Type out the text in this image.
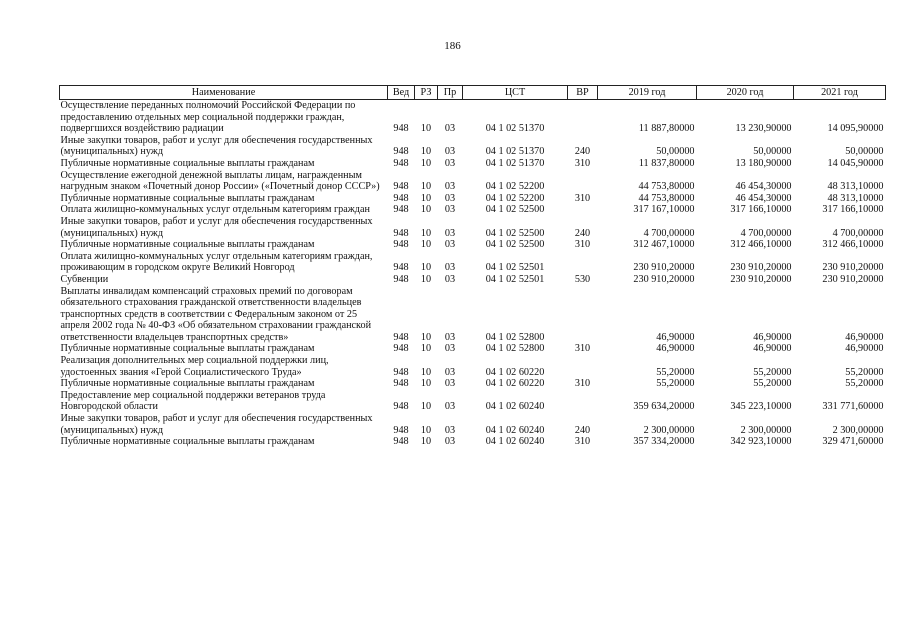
186
Наименование	Вед	РЗ	Пр	ЦСТ	ВР	2019 год	2020 год	2021 год
Осуществление переданных полномочий Российской Федерации по предоставлению отдельных мер социальной поддержки граждан, подвергшихся воздействию радиации	948	10	03	04 1 02 51370		11 887,80000	13 230,90000	14 095,90000
Иные закупки товаров, работ и услуг для обеспечения государственных (муниципальных) нужд	948	10	03	04 1 02 51370	240	50,00000	50,00000	50,00000
Публичные нормативные социальные выплаты гражданам	948	10	03	04 1 02 51370	310	11 837,80000	13 180,90000	14 045,90000
Осуществление ежегодной денежной выплаты лицам, награжденным нагрудным знаком «Почетный донор России» («Почетный донор СССР»)	948	10	03	04 1 02 52200		44 753,80000	46 454,30000	48 313,10000
Публичные нормативные социальные выплаты гражданам	948	10	03	04 1 02 52200	310	44 753,80000	46 454,30000	48 313,10000
Оплата жилищно-коммунальных услуг отдельным категориям граждан	948	10	03	04 1 02 52500		317 167,10000	317 166,10000	317 166,10000
Иные закупки товаров, работ и услуг для обеспечения государственных (муниципальных) нужд	948	10	03	04 1 02 52500	240	4 700,00000	4 700,00000	4 700,00000
Публичные нормативные социальные выплаты гражданам	948	10	03	04 1 02 52500	310	312 467,10000	312 466,10000	312 466,10000
Оплата жилищно-коммунальных услуг отдельным категориям граждан, проживающим в городском округе Великий Новгород	948	10	03	04 1 02 52501		230 910,20000	230 910,20000	230 910,20000
Субвенции	948	10	03	04 1 02 52501	530	230 910,20000	230 910,20000	230 910,20000
Выплаты инвалидам компенсаций страховых премий по договорам обязательного страхования гражданской ответственности владельцев транспортных средств в соответствии с Федеральным законом от 25 апреля 2002 года № 40-ФЗ «Об обязательном страховании гражданской ответственности владельцев транспортных средств»	948	10	03	04 1 02 52800		46,90000	46,90000	46,90000
Публичные нормативные социальные выплаты гражданам	948	10	03	04 1 02 52800	310	46,90000	46,90000	46,90000
Реализация дополнительных мер социальной поддержки лиц, удостоенных звания «Герой Социалистического Труда»	948	10	03	04 1 02 60220		55,20000	55,20000	55,20000
Публичные нормативные социальные выплаты гражданам	948	10	03	04 1 02 60220	310	55,20000	55,20000	55,20000
Предоставление мер социальной поддержки ветеранов труда Новгородской области	948	10	03	04 1 02 60240		359 634,20000	345 223,10000	331 771,60000
Иные закупки товаров, работ и услуг для обеспечения государственных (муниципальных) нужд	948	10	03	04 1 02 60240	240	2 300,00000	2 300,00000	2 300,00000
Публичные нормативные социальные выплаты гражданам	948	10	03	04 1 02 60240	310	357 334,20000	342 923,10000	329 471,60000
